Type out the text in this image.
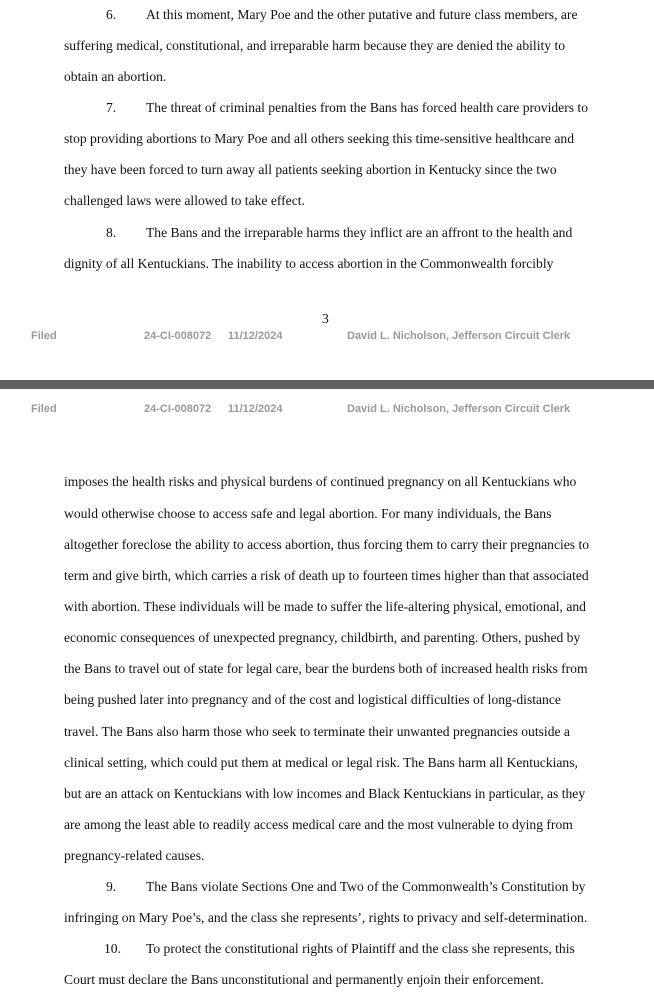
6. At this moment, Mary Poe and the other putative and future class members, are
suffering medical, constitutional, and irreparable harm because they are denied the ability to
obtain an abortion.
7. The threat of criminal penalties from the Bans has forced health care providers to
stop providing abortions to Mary Poe and all others seeking this time-sensitive healthcare and
they have been forced to turn away all patients seeking abortion in Kentucky since the two
challenged laws were allowed to take effect.
8. The Bans and the irreparable harms they inflict are an affront to the health and
dignity of all Kentuckians. The inability to access abortion in the Commonwealth forcibly
3
Filed	24-CI-008072 11/12/2024	David L. Nicholson, Jefferson Circuit Clerk
Filed	24-CI-008072 11/12/2024	David L. Nicholson, Jefferson Circuit Clerk
imposes the health risks and physical burdens of continued pregnancy on all Kentuckians who
would otherwise choose to access safe and legal abortion. For many individuals, the Bans
altogether foreclose the ability to access abortion, thus forcing them to carry their pregnancies to
term and give birth, which carries a risk of death up to fourteen times higher than that associated
with abortion. These individuals will be made to suffer the life-altering physical, emotional, and
economic consequences of unexpected pregnancy, childbirth, and parenting. Others, pushed by
the Bans to travel out of state for legal care, bear the burdens both of increased health risks from
being pushed later into pregnancy and of the cost and logistical difficulties of long-distance
travel. The Bans also harm those who seek to terminate their unwanted pregnancies outside a
clinical setting, which could put them at medical or legal risk. The Bans harm all Kentuckians,
but are an attack on Kentuckians with low incomes and Black Kentuckians in particular, as they
are among the least able to readily access medical care and the most vulnerable to dying from
pregnancy-related causes.
9. The Bans violate Sections One and Two of the Commonwealth’s Constitution by
infringing on Mary Poe’s, and the class she represents’, rights to privacy and self-determination.
10. To protect the constitutional rights of Plaintiff and the class she represents, this
Court must declare the Bans unconstitutional and permanently enjoin their enforcement.
